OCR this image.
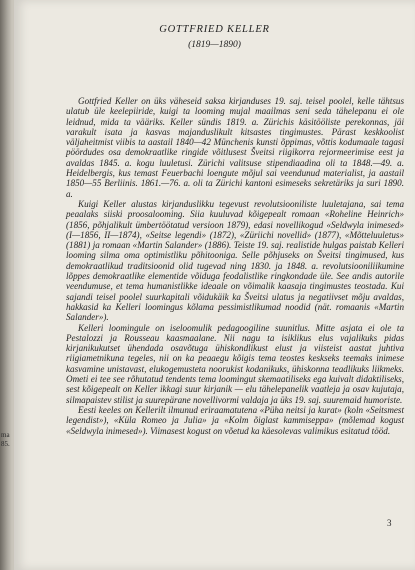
ma
85.
GOTTFRIED KELLER
(1819—1890)

Gottfried Keller on üks väheseid saksa kirjanduses 19. saj. teisel poolel, kelle tähtsus ulatub üle keelepiiride, kuigi ta looming mujal maailmas seni seda tähelepanu ei ole leidnud, mida ta vääriks. Keller sündis 1819. a. Zürichis käsitööliste perekonnas, jäi varakult isata ja kasvas majanduslikult kitsastes tingimustes. Pärast keskkoolist väljaheitmist viibis ta aastail 1840—42 Münchenis kunsti õppimas, võttis kodumaale tagasi pöördudes osa demokraatlike ringide võitlusest Šveitsi riigikorra rejormeerimise eest ja avaldas 1845. a. kogu luuletusi. Zürichi valitsuse stipendiaadina oli ta 1848.—49. a. Heidelbergis, kus temast Feuerbachi loengute mõjul sai veendunud materialist, ja aastail 1850—55 Berliinis. 1861.—76. a. oli ta Zürichi kantoni esimeseks sekretäriks ja suri 1890. a.

Kuigi Keller alustas kirjanduslikku tegevust revolutsiooniliste luuletajana, sai tema peaalaks siiski proosalooming. Siia kuuluvad kõigepealt romaan «Roheline Heinrich» (1856, põhjalikult ümbertöötatud versioon 1879), edasi novellikogud «Seldwyla inimesed» (I—1856, II—1874), «Seitse legendi» (1872), «Züriichi novellid» (1877), «Mõtteluuletus» (1881) ja romaan «Martin Salander» (1886). Teiste 19. saj. realistide hulgas paistab Kelleri looming silma oma optimistliku põhitooniga. Selle põhjuseks on Šveitsi tingimused, kus demokraatlikud traditsioonid olid tugevad ning 1830. ja 1848. a. revolutsiooniliikumine lõppes demokraatlike elementide võiduga feodalistlike ringkondade üle. See andis autorile veendumuse, et tema humanistlikke ideaale on võimalik kaasaja tingimustes teostada. Kui sajandi teisel poolel suurkapitali võidukäik ka Šveitsi ulatus ja negatiivset mõju avaldas, hakkasid ka Kelleri loomingus kõlama pessimistlikumad noodid (nät. romaanis «Martin Salander»).

Kelleri loomingule on iseloomulik pedagoogiline suunitlus. Mitte asjata ei ole ta Pestalozzi ja Rousseau kaasmaalane. Nii nagu ta isiklikus elus vajalikuks pidas kirjanikukutset ühendada osavõtuga ühiskondlikust elust ja viisteist aastat juhtiva riigiametnikuna tegeles, nii on ka peaaegu kõigis tema teostes keskseks teemaks inimese kasvamine unistavast, elukogemusteta noorukist kodanikuks, ühiskonna teadlikuks liikmeks. Ometi ei tee see rõhutatud tendents tema loomingut skemaatiliseks ega kuivalt didaktiliseks, sest kõigepealt on Keller ikkagi suur kirjanik — elu tähelepanelik vaatleja ja osav kujutaja, silmapaistev stilist ja suurepärane novellivormi valdaja ja üks 19. saj. suuremaid humoriste.

Eesti keeles on Kellerilt ilmunud eriraamatutena «Püha neitsi ja kurat» (koln «Seitsmest legendist»), «Küla Romeo ja Julia» ja «Kolm õiglast kammiseppa» (mõlemad kogust «Seldwyla inimesed»). Viimasest kogust on võetud ka käesolevas valimikus esitatud tööd.

3
